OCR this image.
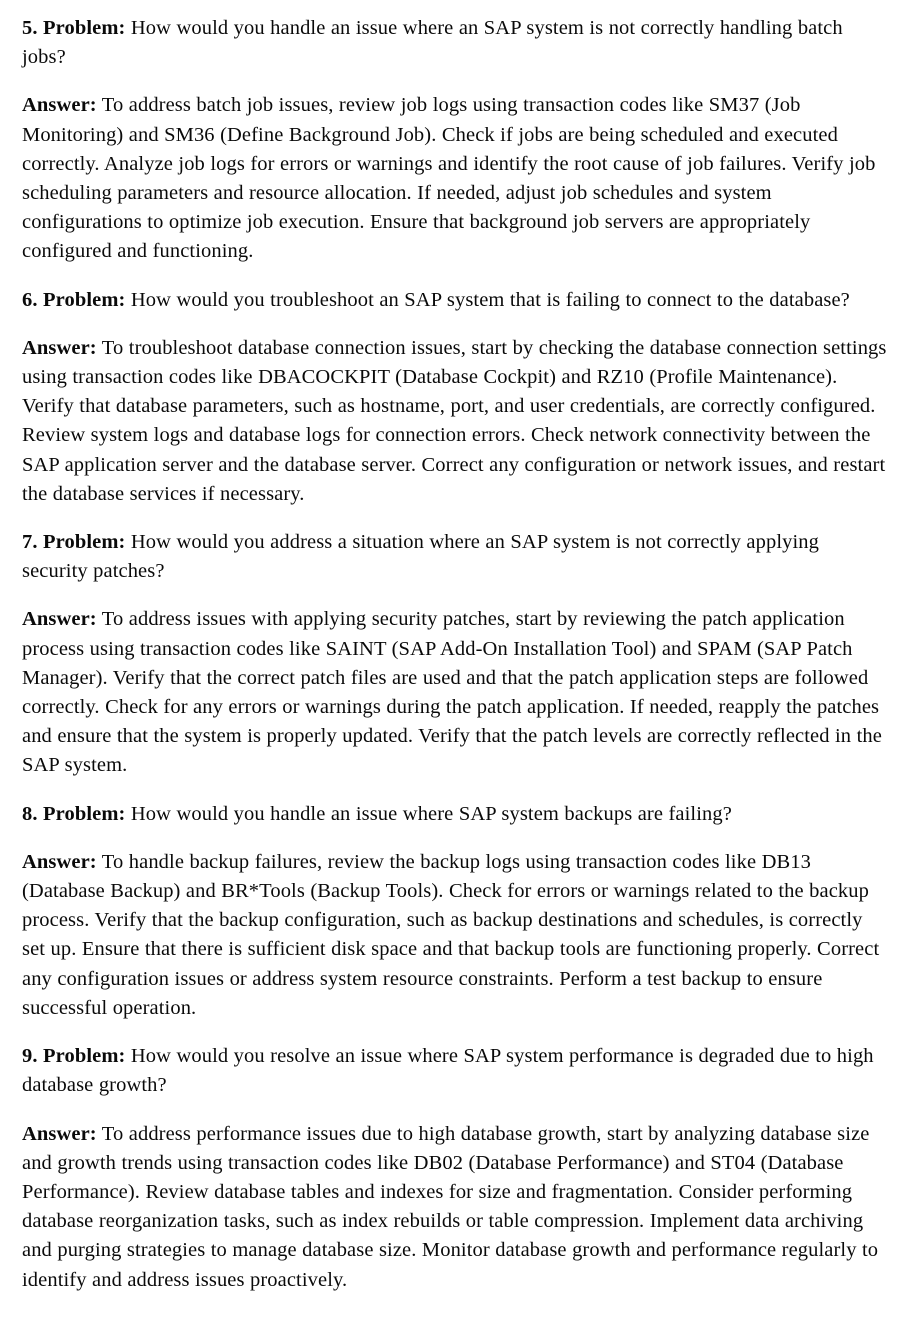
5. Problem: How would you handle an issue where an SAP system is not correctly handling batch jobs?

Answer: To address batch job issues, review job logs using transaction codes like SM37 (Job Monitoring) and SM36 (Define Background Job). Check if jobs are being scheduled and executed correctly. Analyze job logs for errors or warnings and identify the root cause of job failures. Verify job scheduling parameters and resource allocation. If needed, adjust job schedules and system configurations to optimize job execution. Ensure that background job servers are appropriately configured and functioning.

6. Problem: How would you troubleshoot an SAP system that is failing to connect to the database?

Answer: To troubleshoot database connection issues, start by checking the database connection settings using transaction codes like DBACOCKPIT (Database Cockpit) and RZ10 (Profile Maintenance). Verify that database parameters, such as hostname, port, and user credentials, are correctly configured. Review system logs and database logs for connection errors. Check network connectivity between the SAP application server and the database server. Correct any configuration or network issues, and restart the database services if necessary.

7. Problem: How would you address a situation where an SAP system is not correctly applying security patches?

Answer: To address issues with applying security patches, start by reviewing the patch application process using transaction codes like SAINT (SAP Add-On Installation Tool) and SPAM (SAP Patch Manager). Verify that the correct patch files are used and that the patch application steps are followed correctly. Check for any errors or warnings during the patch application. If needed, reapply the patches and ensure that the system is properly updated. Verify that the patch levels are correctly reflected in the SAP system.

8. Problem: How would you handle an issue where SAP system backups are failing?

Answer: To handle backup failures, review the backup logs using transaction codes like DB13 (Database Backup) and BR*Tools (Backup Tools). Check for errors or warnings related to the backup process. Verify that the backup configuration, such as backup destinations and schedules, is correctly set up. Ensure that there is sufficient disk space and that backup tools are functioning properly. Correct any configuration issues or address system resource constraints. Perform a test backup to ensure successful operation.

9. Problem: How would you resolve an issue where SAP system performance is degraded due to high database growth?

Answer: To address performance issues due to high database growth, start by analyzing database size and growth trends using transaction codes like DB02 (Database Performance) and ST04 (Database Performance). Review database tables and indexes for size and fragmentation. Consider performing database reorganization tasks, such as index rebuilds or table compression. Implement data archiving and purging strategies to manage database size. Monitor database growth and performance regularly to identify and address issues proactively.
